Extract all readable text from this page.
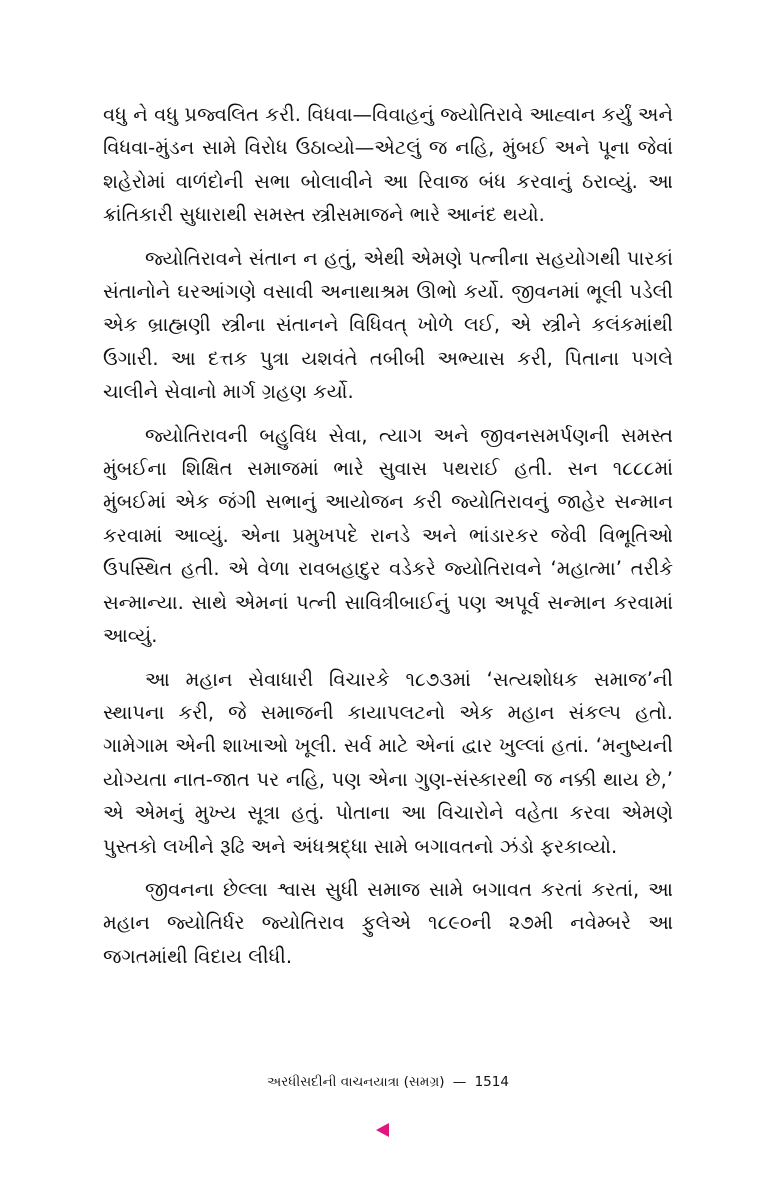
વધુ ને વધુ પ્રજ્વલિત કરી. વિધવા—વિવાહનું જ્યોતિરાવે આહ્વાન કર્યું અને વિધવા-મુંડન સામે વિરોધ ઉઠાવ્યો—એટલું જ નહિ, મુંબઈ અને પૂના જેવાં શહેરોમાં વાળંદોની સભા બોલાવીને આ રિવાજ બંધ કરવાનું ઠરાવ્યું. આ ક્રાંતિકારી સુધારાથી સમસ્ત સ્ત્રીસમાજને ભારે આનંદ થયો.

જ્યોતિરાવને સંતાન ન હતું, એથી એમણે પત્નીના સહયોગથી પારકાં સંતાનોને ઘરઆંગણે વસાવી અનાથાશ્રમ ઊભો કર્યો. જીવનમાં ભૂલી પડેલી એક બ્રાહ્મણી સ્ત્રીના સંતાનને વિધિવત્ ખોળે લઈ, એ સ્ત્રીને કલંકમાંથી ઉગારી. આ દત્તક પુત્રા યશવંતે તબીબી અભ્યાસ કરી, પિતાના પગલે ચાલીને સેવાનો માર્ગ ગ્રહણ કર્યો.

જ્યોતિરાવની બહુવિધ સેવા, ત્યાગ અને જીવનસમર્પણની સમસ્ત મુંબઈના શિક્ષિત સમાજમાં ભારે સુવાસ પથરાઈ હતી. સન ૧૮૮૮માં મુંબઈમાં એક જંગી સભાનું આયોજન કરી જ્યોતિરાવનું જાહેર સન્માન કરવામાં આવ્યું. એના પ્રમુખપદે રાનડે અને ભાંડારકર જેવી વિભૂતિઓ ઉપસ્થિત હતી. એ વેળા રાવબહાદુર વડેકરે જ્યોતિરાવને ‘મહાત્મા’ તરીકે સન્માન્યા. સાથે એમનાં પત્ની સાવિત્રીબાઈનું પણ અપૂર્વ સન્માન કરવામાં આવ્યું.

આ મહાન સેવાધારી વિચારકે ૧૮૭૩માં ‘સત્યશોધક સમાજ’ની સ્થાપના કરી, જે સમાજની કાયાપલટનો એક મહાન સંકલ્પ હતો. ગામેગામ એની શાખાઓ ખૂલી. સર્વ માટે એનાં દ્વાર ખુલ્લાં હતાં. ‘મનુષ્યની યોગ્યતા નાત-જાત પર નહિ, પણ એના ગુણ-સંસ્કારથી જ નક્કી થાય છે,’ એ એમનું મુખ્ય સૂત્રા હતું. પોતાના આ વિચારોને વહેતા કરવા એમણે પુસ્તકો લખીને રૂઢિ અને અંધશ્રદ્ધા સામે બગાવતનો ઝંડો ફરકાવ્યો.

જીવનના છેલ્લા શ્વાસ સુધી સમાજ સામે બગાવત કરતાં કરતાં, આ મહાન જ્યોતિર્ધર જ્યોતિરાવ ફુલેએ ૧૮૯૦ની ૨૭મી નવેમ્બરે આ જગતમાંથી વિદાય લીધી.

અરધીસદીની વાચનયાત્રા (સમગ્ર) — 1514
